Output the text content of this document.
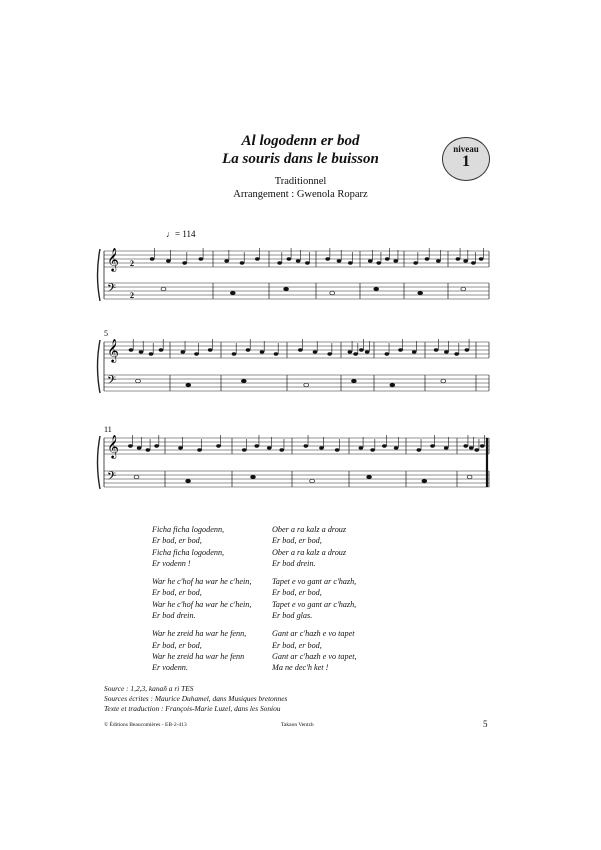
Al logodenn er bod
La souris dans le buisson
Traditionnel
Arrangement : Gwenola Roparz
niveau
1
♩= 114
5
11
𝄞
𝄢
𝄞
𝄢
𝄞
𝄢
2
2
Ficha ficha logodenn,
Er bod, er bod,
Ficha ficha logodenn,
Er vodenn !
War he c'hof ha war he c'hein,
Er bod, er bod,
War he c'hof ha war he c'hein,
Er bod drein.
War he zreid ha war he fenn,
Er bod, er bod,
War he zreid ha war he fenn
Er vodenn.
Ober a ra kalz a drouz
Er bod, er bod,
Ober a ra kalz a drouz
Er bod drein.
Tapet e vo gant ar c'hazh,
Er bod, er bod,
Tapet e vo gant ar c'hazh,
Er bod glas.
Gant ar c'hazh e vo tapet
Er bod, er bod,
Gant ar c'hazh e vo tapet,
Ma ne dec'h ket !
Source : 1,2,3, kanañ a ri TES
Sources écrites : Maurice Duhamel, dans Musiques bretonnes
Texte et traduction : François-Marie Luzel, dans les Soniou
© Éditions Beaucomières - EB-2-413	Takaon Ventzh	5
